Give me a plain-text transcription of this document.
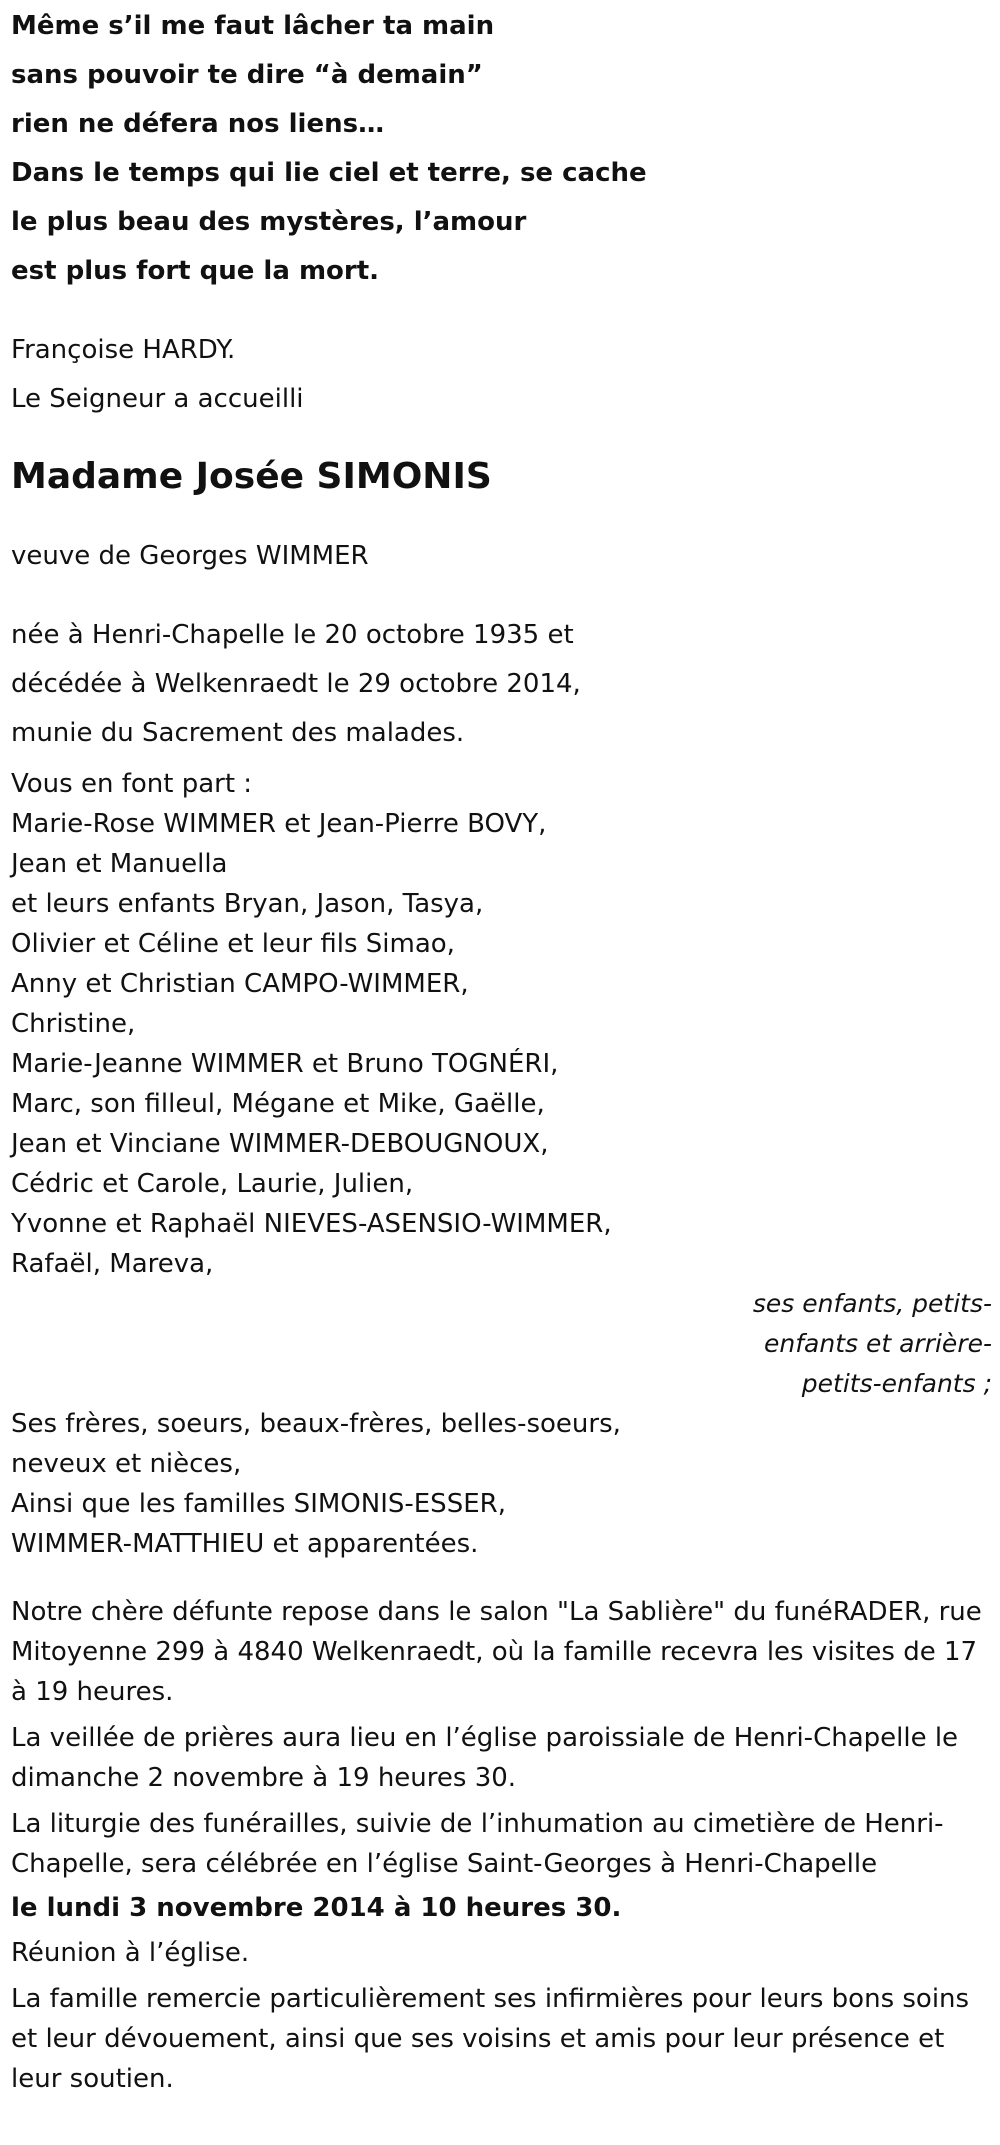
Même s’il me faut lâcher ta main
sans pouvoir te dire “à demain”
rien ne défera nos liens…
Dans le temps qui lie ciel et terre, se cache
le plus beau des mystères, l’amour
est plus fort que la mort.
Françoise HARDY.
Le Seigneur a accueilli
Madame Josée SIMONIS
veuve de Georges WIMMER
née à Henri-Chapelle le 20 octobre 1935 et
décédée à Welkenraedt le 29 octobre 2014,
munie du Sacrement des malades.
Vous en font part :
Marie-Rose WIMMER et Jean-Pierre BOVY,
Jean et Manuella
et leurs enfants Bryan, Jason, Tasya,
Olivier et Céline et leur fils Simao,
Anny et Christian CAMPO-WIMMER,
Christine,
Marie-Jeanne WIMMER et Bruno TOGNÉRI,
Marc, son filleul, Mégane et Mike, Gaëlle,
Jean et Vinciane WIMMER-DEBOUGNOUX,
Cédric et Carole, Laurie, Julien,
Yvonne et Raphaël NIEVES-ASENSIO-WIMMER,
Rafaël, Mareva,
ses enfants, petits-
enfants et arrière-
petits-enfants ;
Ses frères, soeurs, beaux-frères, belles-soeurs,
neveux et nièces,
Ainsi que les familles SIMONIS-ESSER,
WIMMER-MATTHIEU et apparentées.
Notre chère défunte repose dans le salon "La Sablière" du funéRADER, rue Mitoyenne 299 à 4840 Welkenraedt, où la famille recevra les visites de 17 à 19 heures.
La veillée de prières aura lieu en l’église paroissiale de Henri-Chapelle le dimanche 2 novembre à 19 heures 30.
La liturgie des funérailles, suivie de l’inhumation au cimetière de Henri-Chapelle, sera célébrée en l’église Saint-Georges à Henri-Chapelle
le lundi 3 novembre 2014 à 10 heures 30.
Réunion à l’église.
La famille remercie particulièrement ses infirmières pour leurs bons soins et leur dévouement, ainsi que ses voisins et amis pour leur présence et leur soutien.
